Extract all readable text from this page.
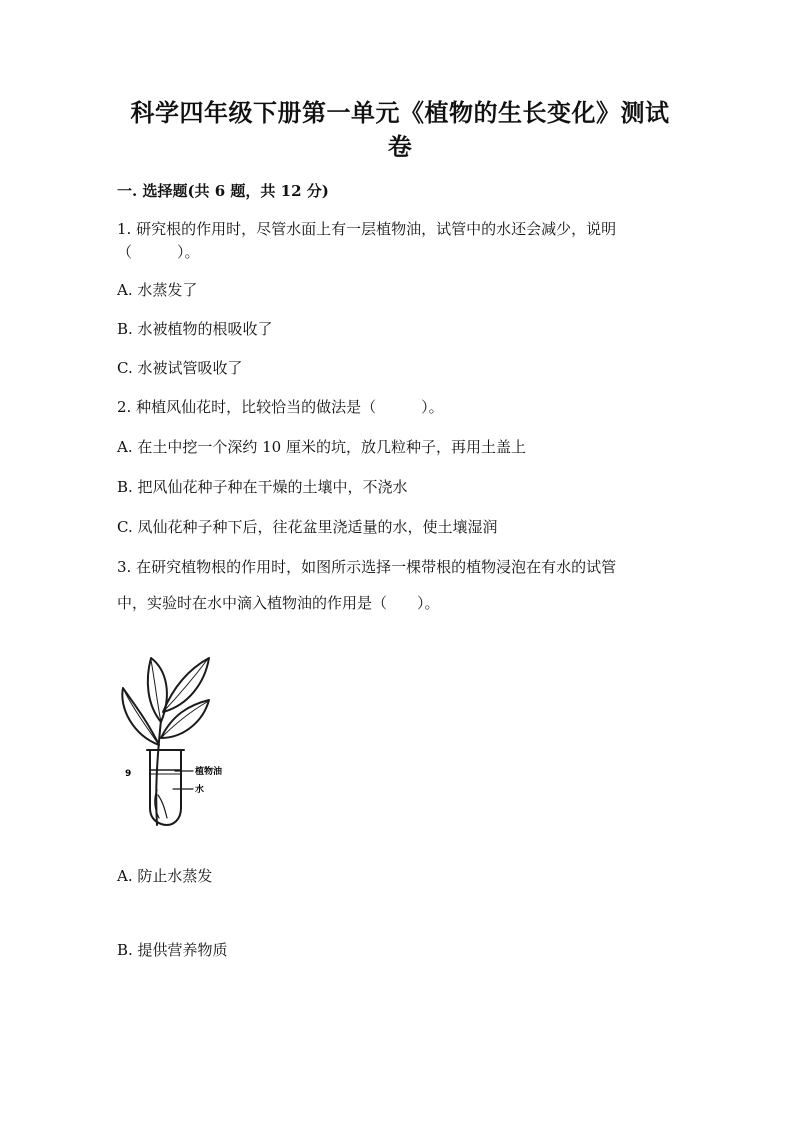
科学四年级下册第一单元《植物的生长变化》测试
卷
一. 选择题(共 6 题，共 12 分)
1. 研究根的作用时，尽管水面上有一层植物油，试管中的水还会减少，说明
（　　　）。
A. 水蒸发了
B. 水被植物的根吸收了
C. 水被试管吸收了
2. 种植风仙花时，比较恰当的做法是（　　　）。
A. 在土中挖一个深约 10 厘米的坑，放几粒种子，再用土盖上
B. 把风仙花种子种在干燥的土壤中，不浇水
C. 凤仙花种子种下后，往花盆里浇适量的水，使土壤湿润
3. 在研究植物根的作用时，如图所示选择一棵带根的植物浸泡在有水的试管
中，实验时在水中滴入植物油的作用是（　　）。
9	植物油
水
A. 防止水蒸发
B. 提供营养物质
